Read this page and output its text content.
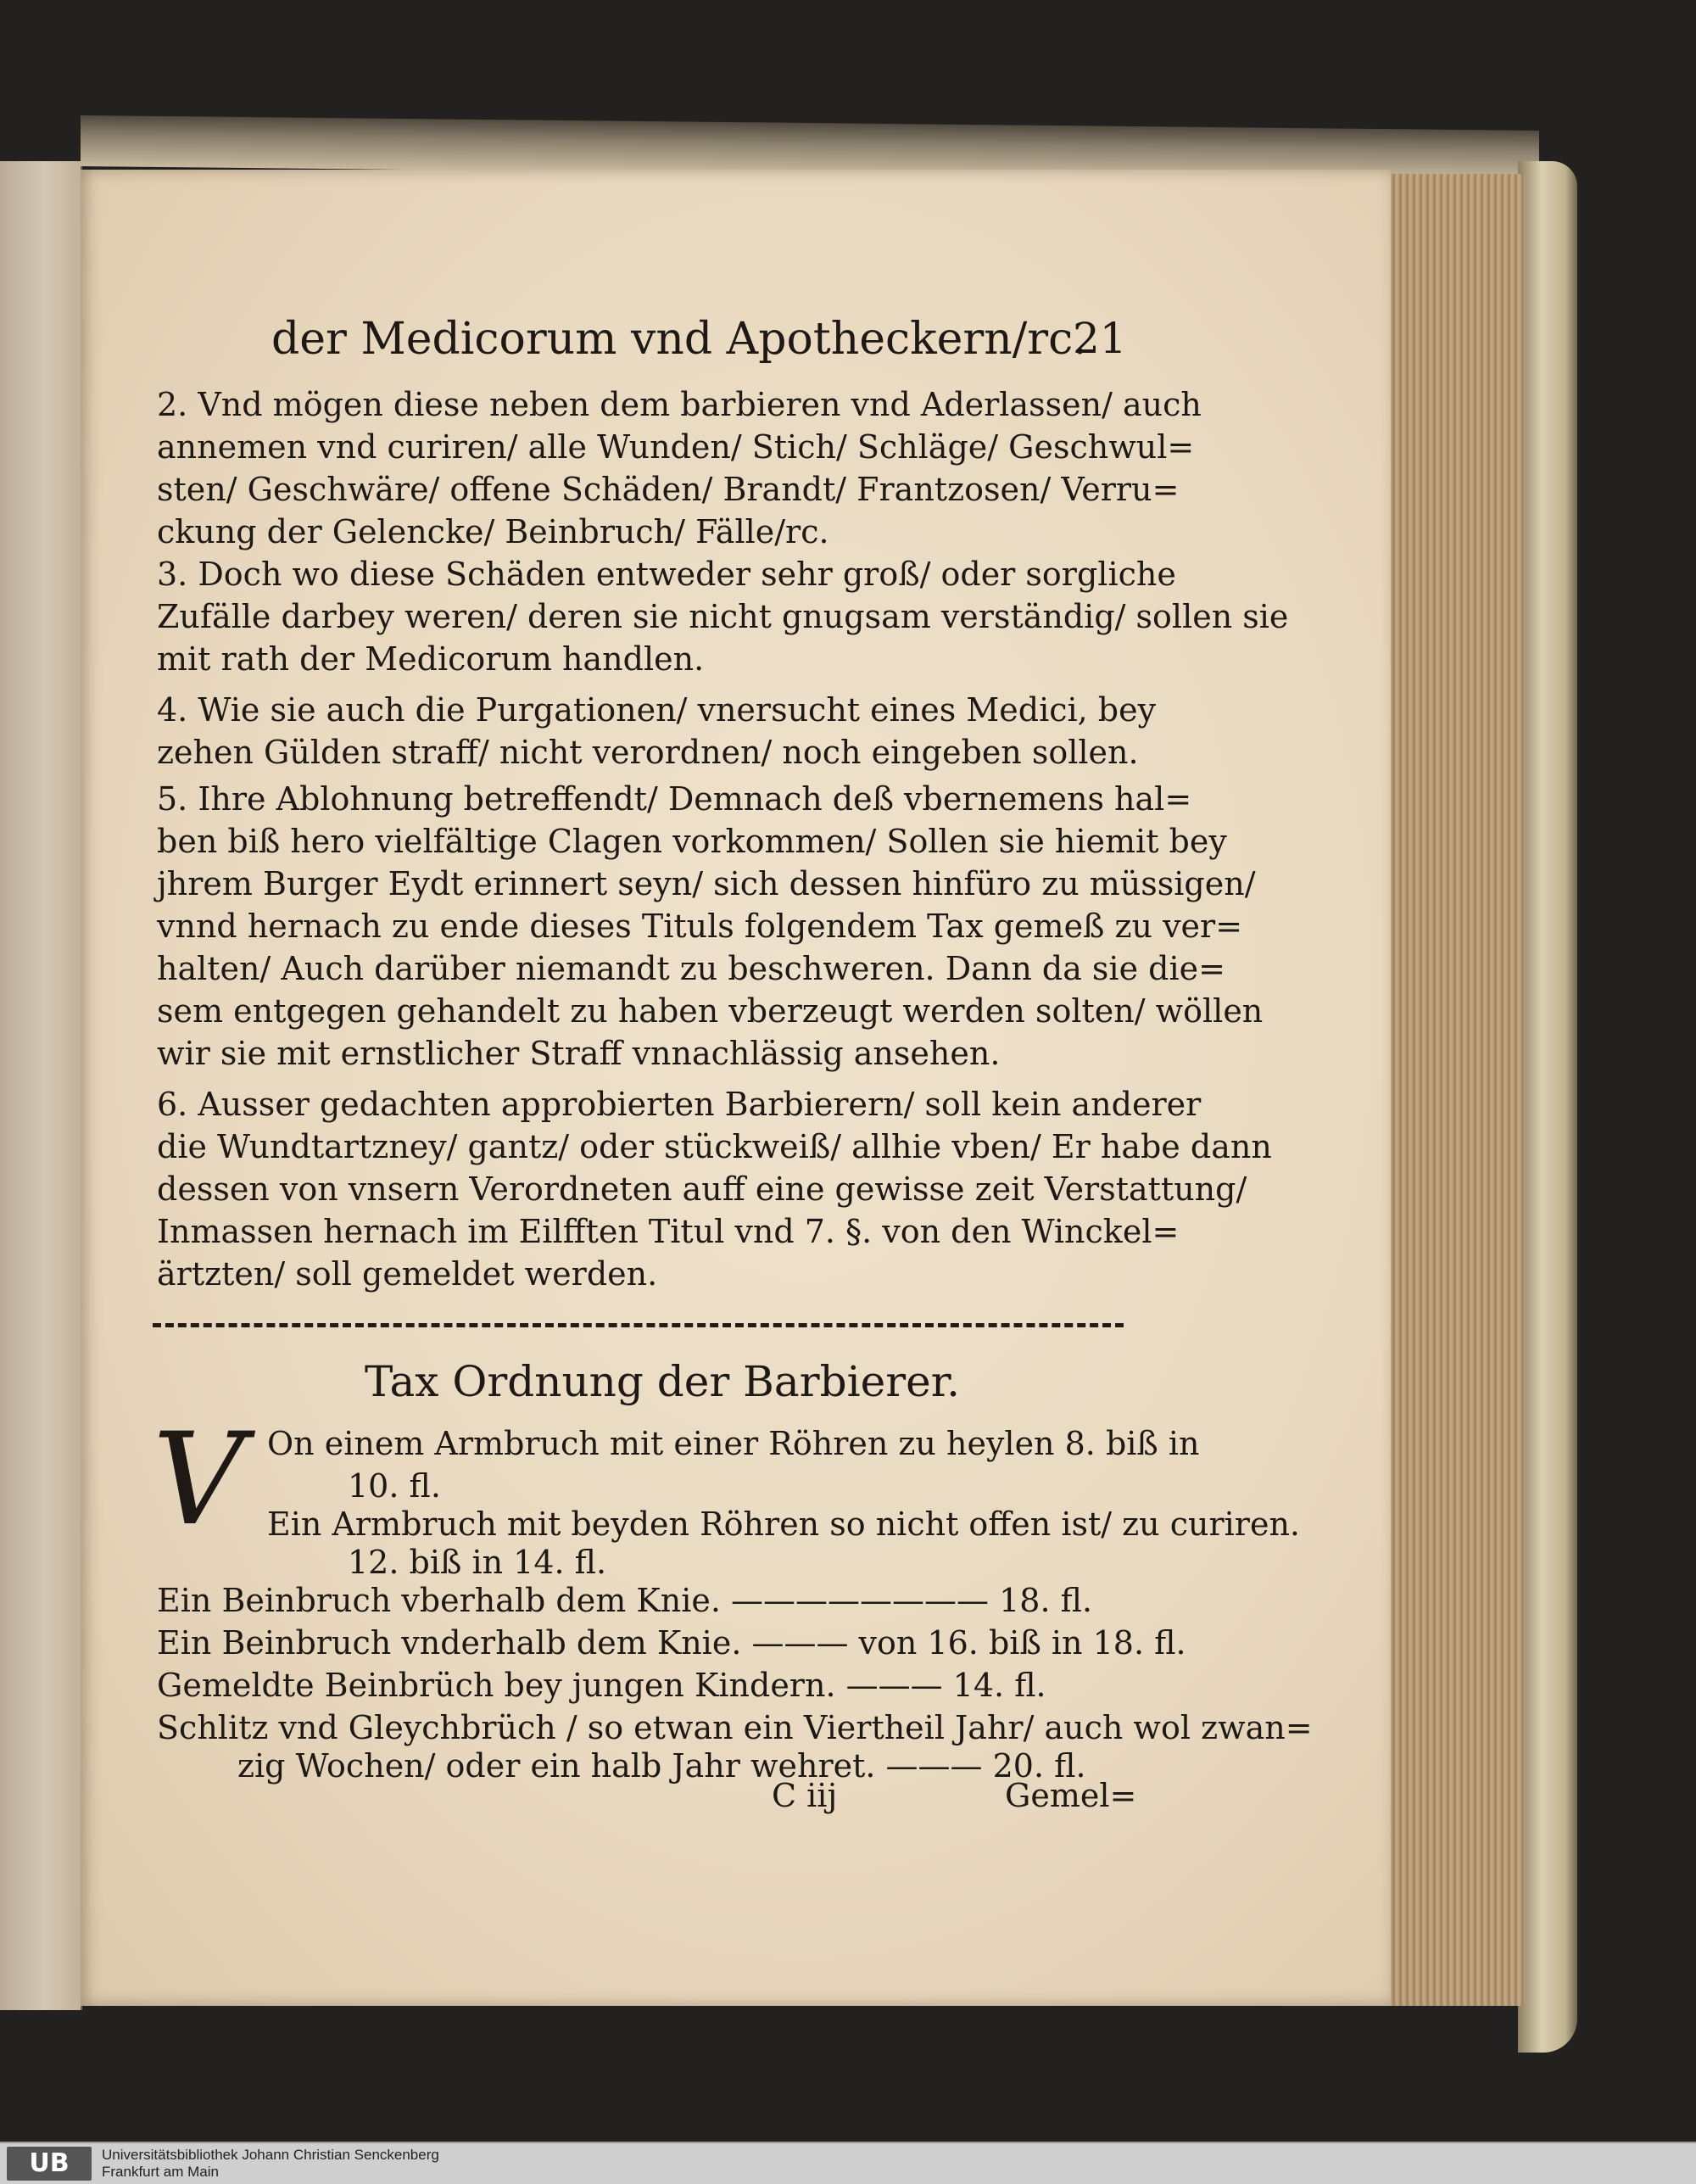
der Medicorum vnd Apotheckern/rc.
21
2. Vnd mögen diese neben dem barbieren vnd Aderlassen/ auch
annemen vnd curiren/ alle Wunden/ Stich/ Schläge/ Geschwul=
sten/ Geschwäre/ offene Schäden/ Brandt/ Frantzosen/ Verru=
ckung der Gelencke/ Beinbruch/ Fälle/rc.
3. Doch wo diese Schäden entweder sehr groß/ oder sorgliche
Zufälle darbey weren/ deren sie nicht gnugsam verständig/ sollen sie
mit rath der Medicorum handlen.
4. Wie sie auch die Purgationen/ vnersucht eines Medici, bey
zehen Gülden straff/ nicht verordnen/ noch eingeben sollen.
5. Ihre Ablohnung betreffendt/ Demnach deß vbernemens hal=
ben biß hero vielfältige Clagen vorkommen/ Sollen sie hiemit bey
jhrem Burger Eydt erinnert seyn/ sich dessen hinfüro zu müssigen/
vnnd hernach zu ende dieses Tituls folgendem Tax gemeß zu ver=
halten/ Auch darüber niemandt zu beschweren. Dann da sie die=
sem entgegen gehandelt zu haben vberzeugt werden solten/ wöllen
wir sie mit ernstlicher Straff vnnachlässig ansehen.
6. Ausser gedachten approbierten Barbierern/ soll kein anderer
die Wundtartzney/ gantz/ oder stückweiß/ allhie vben/ Er habe dann
dessen von vnsern Verordneten auff eine gewisse zeit Verstattung/
Inmassen hernach im Eilfften Titul vnd 7. §. von den Winckel=
ärtzten/ soll gemeldet werden.
Tax Ordnung der Barbierer.
V On einem Armbruch mit einer Röhren zu heylen 8. biß in
10. fl.
Ein Armbruch mit beyden Röhren so nicht offen ist/ zu curiren.
12. biß in 14. fl.
Ein Beinbruch vberhalb dem Knie. ———————— 18. fl.
Ein Beinbruch vnderhalb dem Knie. ——— von 16. biß in 18. fl.
Gemeldte Beinbrüch bey jungen Kindern. ——— 14. fl.
Schlitz vnd Gleychbrüch / so etwan ein Viertheil Jahr/ auch wol zwan=
zig Wochen/ oder ein halb Jahr wehret. ——— 20. fl.
C iij	Gemel=
UB	Universitätsbibliothek Johann Christian Senckenberg
Frankfurt am Main
